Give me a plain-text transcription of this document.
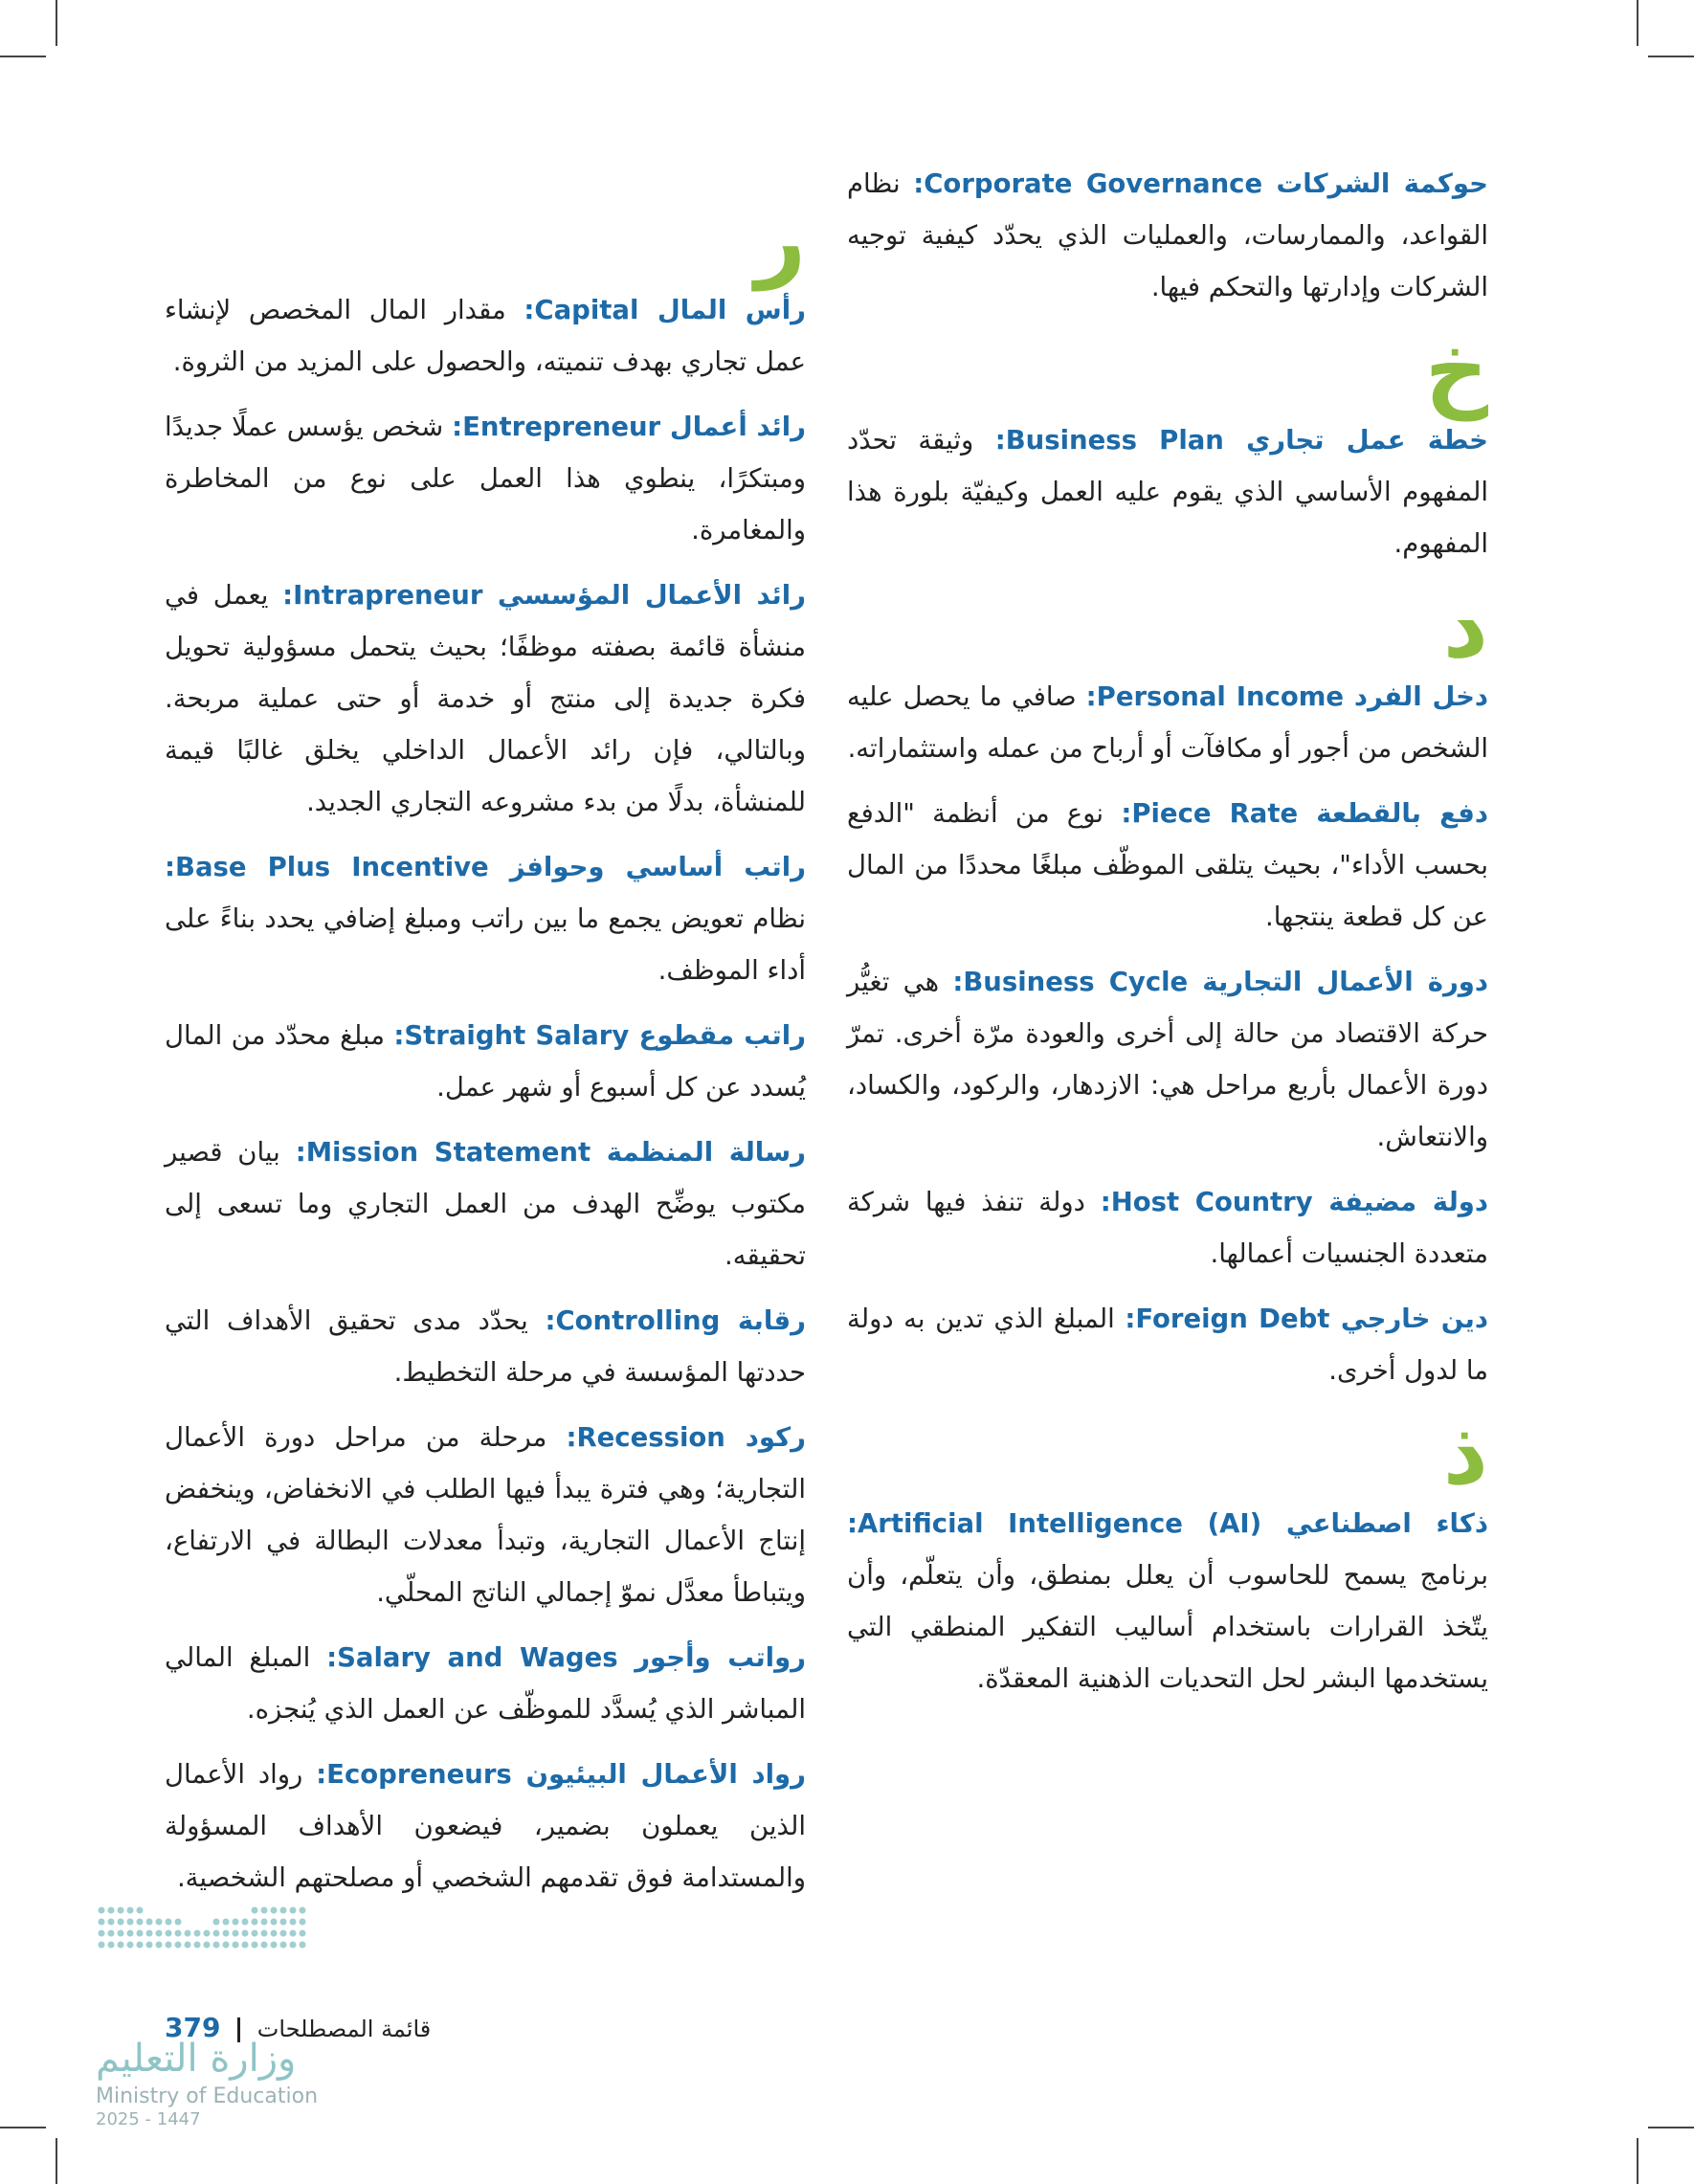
حوكمة الشركات Corporate Governance: نظام القواعد، والممارسات، والعمليات الذي يحدّد كيفية توجيه الشركات وإدارتها والتحكم فيها.
خ
خطة عمل تجاري Business Plan: وثيقة تحدّد المفهوم الأساسي الذي يقوم عليه العمل وكيفيّة بلورة هذا المفهوم.
د
دخل الفرد Personal Income: صافي ما يحصل عليه الشخص من أجور أو مكافآت أو أرباح من عمله واستثماراته.
دفع بالقطعة Piece Rate: نوع من أنظمة "الدفع بحسب الأداء"، بحيث يتلقى الموظّف مبلغًا محددًا من المال عن كل قطعة ينتجها.
دورة الأعمال التجارية Business Cycle: هي تغيُّر حركة الاقتصاد من حالة إلى أخرى والعودة مرّة أخرى. تمرّ دورة الأعمال بأربع مراحل هي: الازدهار، والركود، والكساد، والانتعاش.
دولة مضيفة Host Country: دولة تنفذ فيها شركة متعددة الجنسيات أعمالها.
دين خارجي Foreign Debt: المبلغ الذي تدين به دولة ما لدول أخرى.
ذ
ذكاء اصطناعي Artificial Intelligence (AI): برنامج يسمح للحاسوب أن يعلل بمنطق، وأن يتعلّم، وأن يتّخذ القرارات باستخدام أساليب التفكير المنطقي التي يستخدمها البشر لحل التحديات الذهنية المعقدّة.
ر
رأس المال Capital: مقدار المال المخصص لإنشاء عمل تجاري بهدف تنميته، والحصول على المزيد من الثروة.
رائد أعمال Entrepreneur: شخص يؤسس عملًا جديدًا ومبتكرًا، ينطوي هذا العمل على نوع من المخاطرة والمغامرة.
رائد الأعمال المؤسسي Intrapreneur: يعمل في منشأة قائمة بصفته موظفًا؛ بحيث يتحمل مسؤولية تحويل فكرة جديدة إلى منتج أو خدمة أو حتى عملية مربحة. وبالتالي، فإن رائد الأعمال الداخلي يخلق غالبًا قيمة للمنشأة، بدلًا من بدء مشروعه التجاري الجديد.
راتب أساسي وحوافز Base Plus Incentive: نظام تعويض يجمع ما بين راتب ومبلغ إضافي يحدد بناءً على أداء الموظف.
راتب مقطوع Straight Salary: مبلغ محدّد من المال يُسدد عن كل أسبوع أو شهر عمل.
رسالة المنظمة Mission Statement: بيان قصير مكتوب يوضِّح الهدف من العمل التجاري وما تسعى إلى تحقيقه.
رقابة Controlling: يحدّد مدى تحقيق الأهداف التي حددتها المؤسسة في مرحلة التخطيط.
ركود Recession: مرحلة من مراحل دورة الأعمال التجارية؛ وهي فترة يبدأ فيها الطلب في الانخفاض، وينخفض إنتاج الأعمال التجارية، وتبدأ معدلات البطالة في الارتفاع، ويتباطأ معدَّل نموّ إجمالي الناتج المحلّي.
رواتب وأجور Salary and Wages: المبلغ المالي المباشر الذي يُسدَّد للموظّف عن العمل الذي يُنجزه.
رواد الأعمال البيئيون Ecopreneurs: رواد الأعمال الذين يعملون بضمير، فيضعون الأهداف المسؤولة والمستدامة فوق تقدمهم الشخصي أو مصلحتهم الشخصية.
379 قائمة المصطلحات
وزارة التعليم
Ministry of Education
2025 - 1447
